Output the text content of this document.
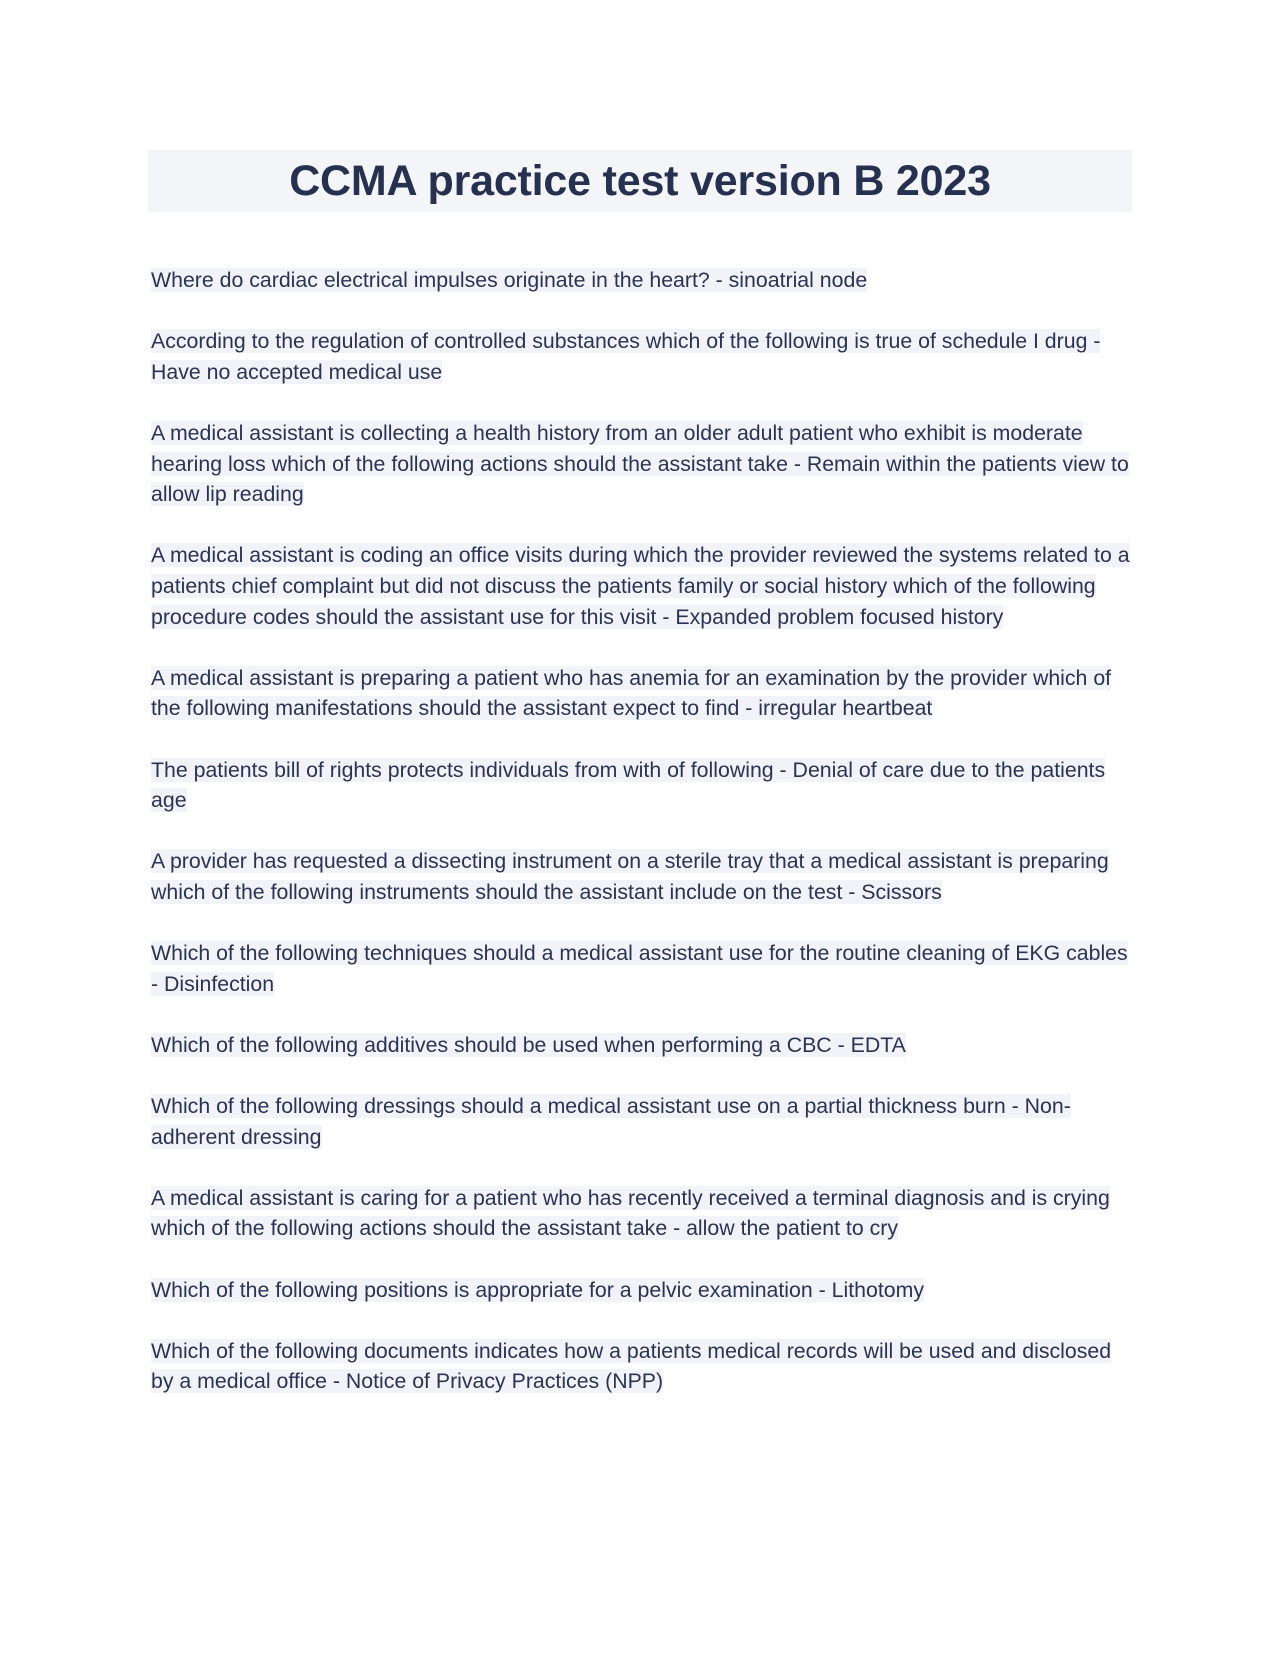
CCMA practice test version B 2023

Where do cardiac electrical impulses originate in the heart? - sinoatrial node

According to the regulation of controlled substances which of the following is true of schedule I drug - Have no accepted medical use

A medical assistant is collecting a health history from an older adult patient who exhibit is moderate hearing loss which of the following actions should the assistant take - Remain within the patients view to allow lip reading

A medical assistant is coding an office visits during which the provider reviewed the systems related to a patients chief complaint but did not discuss the patients family or social history which of the following procedure codes should the assistant use for this visit - Expanded problem focused history

A medical assistant is preparing a patient who has anemia for an examination by the provider which of the following manifestations should the assistant expect to find - irregular heartbeat

The patients bill of rights protects individuals from with of following - Denial of care due to the patients age

A provider has requested a dissecting instrument on a sterile tray that a medical assistant is preparing which of the following instruments should the assistant include on the test - Scissors

Which of the following techniques should a medical assistant use for the routine cleaning of EKG cables - Disinfection

Which of the following additives should be used when performing a CBC - EDTA

Which of the following dressings should a medical assistant use on a partial thickness burn - Non-adherent dressing

A medical assistant is caring for a patient who has recently received a terminal diagnosis and is crying which of the following actions should the assistant take - allow the patient to cry

Which of the following positions is appropriate for a pelvic examination - Lithotomy

Which of the following documents indicates how a patients medical records will be used and disclosed by a medical office - Notice of Privacy Practices (NPP)
